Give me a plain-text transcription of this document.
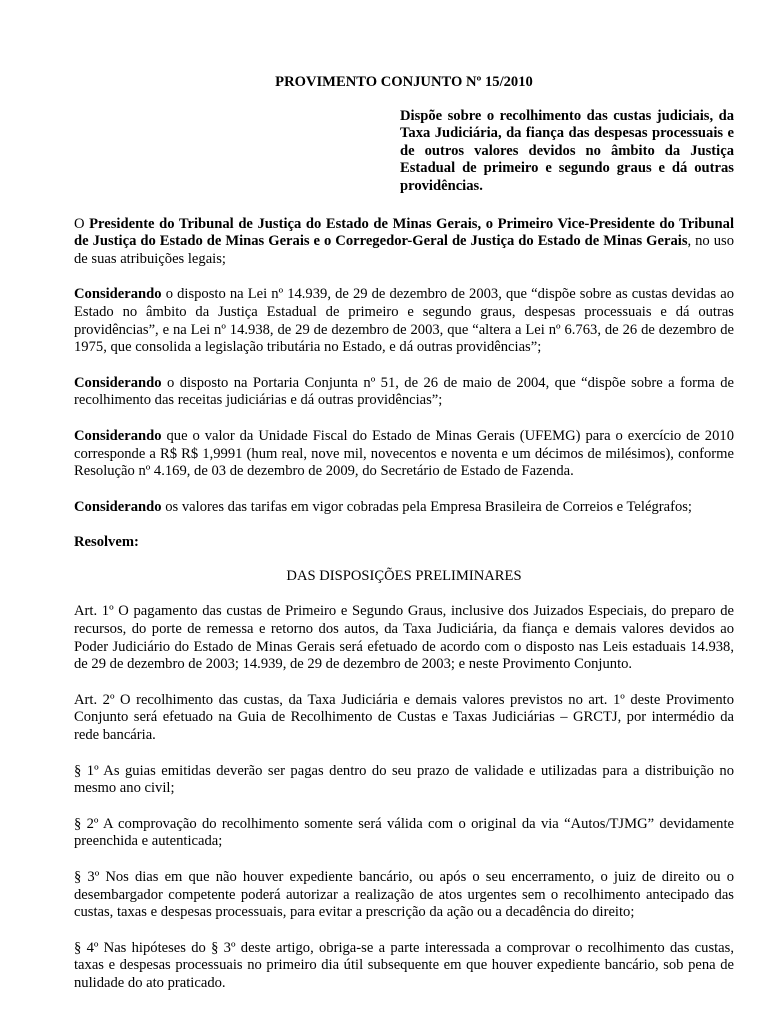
PROVIMENTO CONJUNTO Nº 15/2010
Dispõe sobre o recolhimento das custas judiciais, da Taxa Judiciária, da fiança das despesas processuais e de outros valores devidos no âmbito da Justiça Estadual de primeiro e segundo graus e dá outras providências.

O Presidente do Tribunal de Justiça do Estado de Minas Gerais, o Primeiro Vice-Presidente do Tribunal de Justiça do Estado de Minas Gerais e o Corregedor-Geral de Justiça do Estado de Minas Gerais, no uso de suas atribuições legais;

Considerando o disposto na Lei nº 14.939, de 29 de dezembro de 2003, que “dispõe sobre as custas devidas ao Estado no âmbito da Justiça Estadual de primeiro e segundo graus, despesas processuais e dá outras providências”, e na Lei nº 14.938, de 29 de dezembro de 2003, que “altera a Lei nº 6.763, de 26 de dezembro de 1975, que consolida a legislação tributária no Estado, e dá outras providências”;

Considerando o disposto na Portaria Conjunta nº 51, de 26 de maio de 2004, que “dispõe sobre a forma de recolhimento das receitas judiciárias e dá outras providências”;

Considerando que o valor da Unidade Fiscal do Estado de Minas Gerais (UFEMG) para o exercício de 2010 corresponde a R$ R$ 1,9991 (hum real, nove mil, novecentos e noventa e um décimos de milésimos), conforme Resolução nº 4.169, de 03 de dezembro de 2009, do Secretário de Estado de Fazenda.

Considerando os valores das tarifas em vigor cobradas pela Empresa Brasileira de Correios e Telégrafos;

Resolvem:
DAS DISPOSIÇÕES PRELIMINARES

Art. 1º O pagamento das custas de Primeiro e Segundo Graus, inclusive dos Juizados Especiais, do preparo de recursos, do porte de remessa e retorno dos autos, da Taxa Judiciária, da fiança e demais valores devidos ao Poder Judiciário do Estado de Minas Gerais será efetuado de acordo com o disposto nas Leis estaduais 14.938, de 29 de dezembro de 2003; 14.939, de 29 de dezembro de 2003; e neste Provimento Conjunto.

Art. 2º O recolhimento das custas, da Taxa Judiciária e demais valores previstos no art. 1º deste Provimento Conjunto será efetuado na Guia de Recolhimento de Custas e Taxas Judiciárias – GRCTJ, por intermédio da rede bancária.

§ 1º As guias emitidas deverão ser pagas dentro do seu prazo de validade e utilizadas para a distribuição no mesmo ano civil;

§ 2º A comprovação do recolhimento somente será válida com o original da via “Autos/TJMG” devidamente preenchida e autenticada;

§ 3º Nos dias em que não houver expediente bancário, ou após o seu encerramento, o juiz de direito ou o desembargador competente poderá autorizar a realização de atos urgentes sem o recolhimento antecipado das custas, taxas e despesas processuais, para evitar a prescrição da ação ou a decadência do direito;

§ 4º Nas hipóteses do § 3º deste artigo, obriga-se a parte interessada a comprovar o recolhimento das custas, taxas e despesas processuais no primeiro dia útil subsequente em que houver expediente bancário, sob pena de nulidade do ato praticado.
